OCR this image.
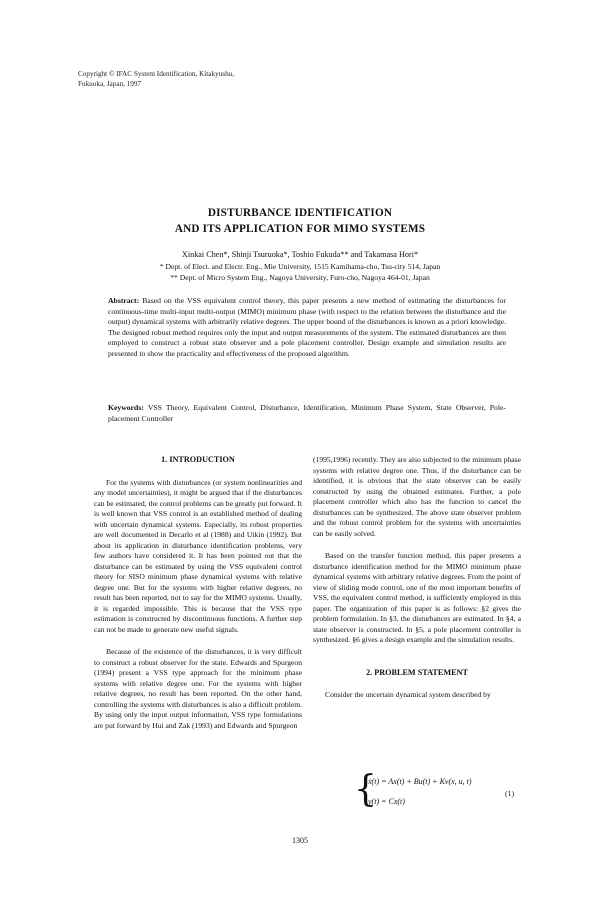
Copyright © IFAC System Identification, Kitakyushu,
Fukuoka, Japan, 1997
DISTURBANCE IDENTIFICATION
AND ITS APPLICATION FOR MIMO SYSTEMS
Xinkai Chen*, Shinji Tsuruoka*, Toshio Fukuda** and Takamasa Hori*
* Dept. of Elect. and Electr. Eng., Mie University, 1515 Kamihama-cho, Tsu-city 514, Japan
** Dept. of Micro System Eng., Nagoya University, Furo-cho, Nagoya 464-01, Japan
Abstract: Based on the VSS equivalent control theory, this paper presents a new method of estimating the disturbances for continuous-time multi-input multi-output (MIMO) minimum phase (with respect to the relation between the disturbance and the output) dynamical systems with arbitrarily relative degrees. The upper bound of the disturbances is known as a priori knowledge. The designed robust method requires only the input and output measurements of the system. The estimated disturbances are then employed to construct a robust state observer and a pole placement controller. Design example and simulation results are presented to show the practicality and effectiveness of the proposed algorithm.
Keywords: VSS Theory, Equivalent Control, Disturbance, Identification, Minimum Phase System, State Observer, Pole-placement Controller
1. INTRODUCTION

For the systems with disturbances (or system nonlinearities and any model uncertainties), it might be argued that if the disturbances can be estimated, the control problems can be greatly put forward. It is well known that VSS control is an established method of dealing with uncertain dynamical systems. Especially, its robust properties are well documented in Decarlo et al (1988) and Utkin (1992). But about its application in disturbance identification problems, very few authors have considered it. It has been pointed out that the disturbance can be estimated by using the VSS equivalent control theory for SISO minimum phase dynamical systems with relative degree one. But for the systems with higher relative degrees, no result has been reported, not to say for the MIMO systems. Usually, it is regarded impossible. This is because that the VSS type estimation is constructed by discontinuous functions. A further step can not be made to generate new useful signals.

Because of the existence of the disturbances, it is very difficult to construct a robust observer for the state. Edwards and Spurgeon (1994) present a VSS type approach for the minimum phase systems with relative degree one. For the systems with higher relative degrees, no result has been reported. On the other hand, controlling the systems with disturbances is also a difficult problem. By using only the input output information, VSS type formulations are put forward by Hui and Zak (1993) and Edwards and Spurgeon

(1995,1996) recently. They are also subjected to the minimum phase systems with relative degree one. Thus, if the disturbance can be identified, it is obvious that the state observer can be easily constructed by using the obtained estimates. Further, a pole placement controller which also has the function to cancel the disturbances can be synthesized. The above state observer problem and the robust control problem for the systems with uncertainties can be easily solved.

Based on the transfer function method, this paper presents a disturbance identification method for the MIMO minimum phase dynamical systems with arbitrary relative degrees. From the point of view of sliding mode control, one of the most important benefits of VSS, the equivalent control method, is sufficiently employed in this paper. The organization of this paper is as follows: §2 gives the problem formulation. In §3, the disturbances are estimated. In §4, a state observer is constructed. In §5, a pole placement controller is synthesized. §6 gives a design example and the simulation results.

2. PROBLEM STATEMENT

Consider the uncertain dynamical system described by

{
ẋ(t) = Ax(t) + Bu(t) + Kv(x, u, t)
y(t) = Cx(t)
(1)
1305
